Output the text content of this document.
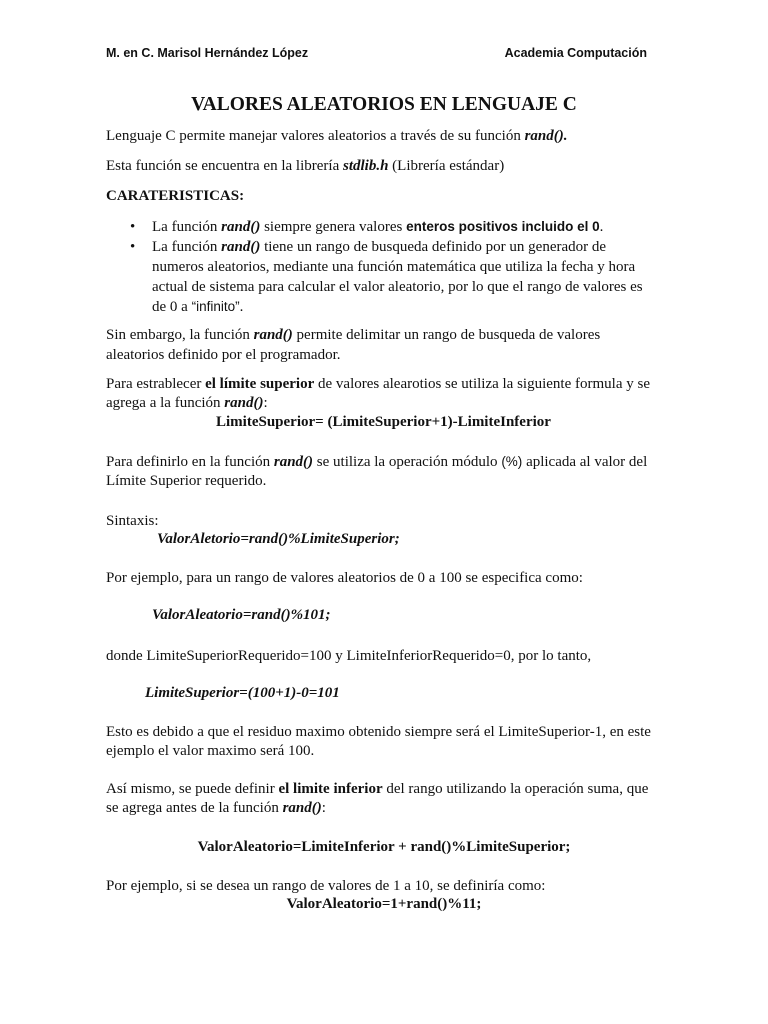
M. en C. Marisol Hernández López	Academia Computación
VALORES ALEATORIOS EN LENGUAJE C
Lenguaje C permite manejar valores aleatorios a través de su función rand().
Esta función se encuentra en la librería stdlib.h (Librería estándar)
CARATERISTICAS:
• La función rand() siempre genera valores enteros positivos incluido el 0.
• La función rand() tiene un rango de busqueda definido por un generador de
numeros aleatorios, mediante una función matemática que utiliza la fecha y hora
actual de sistema para calcular el valor aleatorio, por lo que el rango de valores es
de 0 a “infinito”.
Sin embargo, la función rand() permite delimitar un rango de busqueda de valores
aleatorios definido por el programador.
Para estrablecer el límite superior de valores alearotios se utiliza la siguiente formula y se
agrega a la función rand():
LimiteSuperior= (LimiteSuperior+1)-LimiteInferior
Para definirlo en la función rand() se utiliza la operación módulo (%) aplicada al valor del
Límite Superior requerido.
Sintaxis:
ValorAletorio=rand()%LimiteSuperior;
Por ejemplo, para un rango de valores aleatorios de 0 a 100 se especifica como:
ValorAleatorio=rand()%101;
donde LimiteSuperiorRequerido=100 y LimiteInferiorRequerido=0, por lo tanto,
LimiteSuperior=(100+1)-0=101
Esto es debido a que el residuo maximo obtenido siempre será el LimiteSuperior-1, en este
ejemplo el valor maximo será 100.
Así mismo, se puede definir el limite inferior del rango utilizando la operación suma, que
se agrega antes de la función rand():
ValorAleatorio=LimiteInferior + rand()%LimiteSuperior;
Por ejemplo, si se desea un rango de valores de 1 a 10, se definiría como:
ValorAleatorio=1+rand()%11;
